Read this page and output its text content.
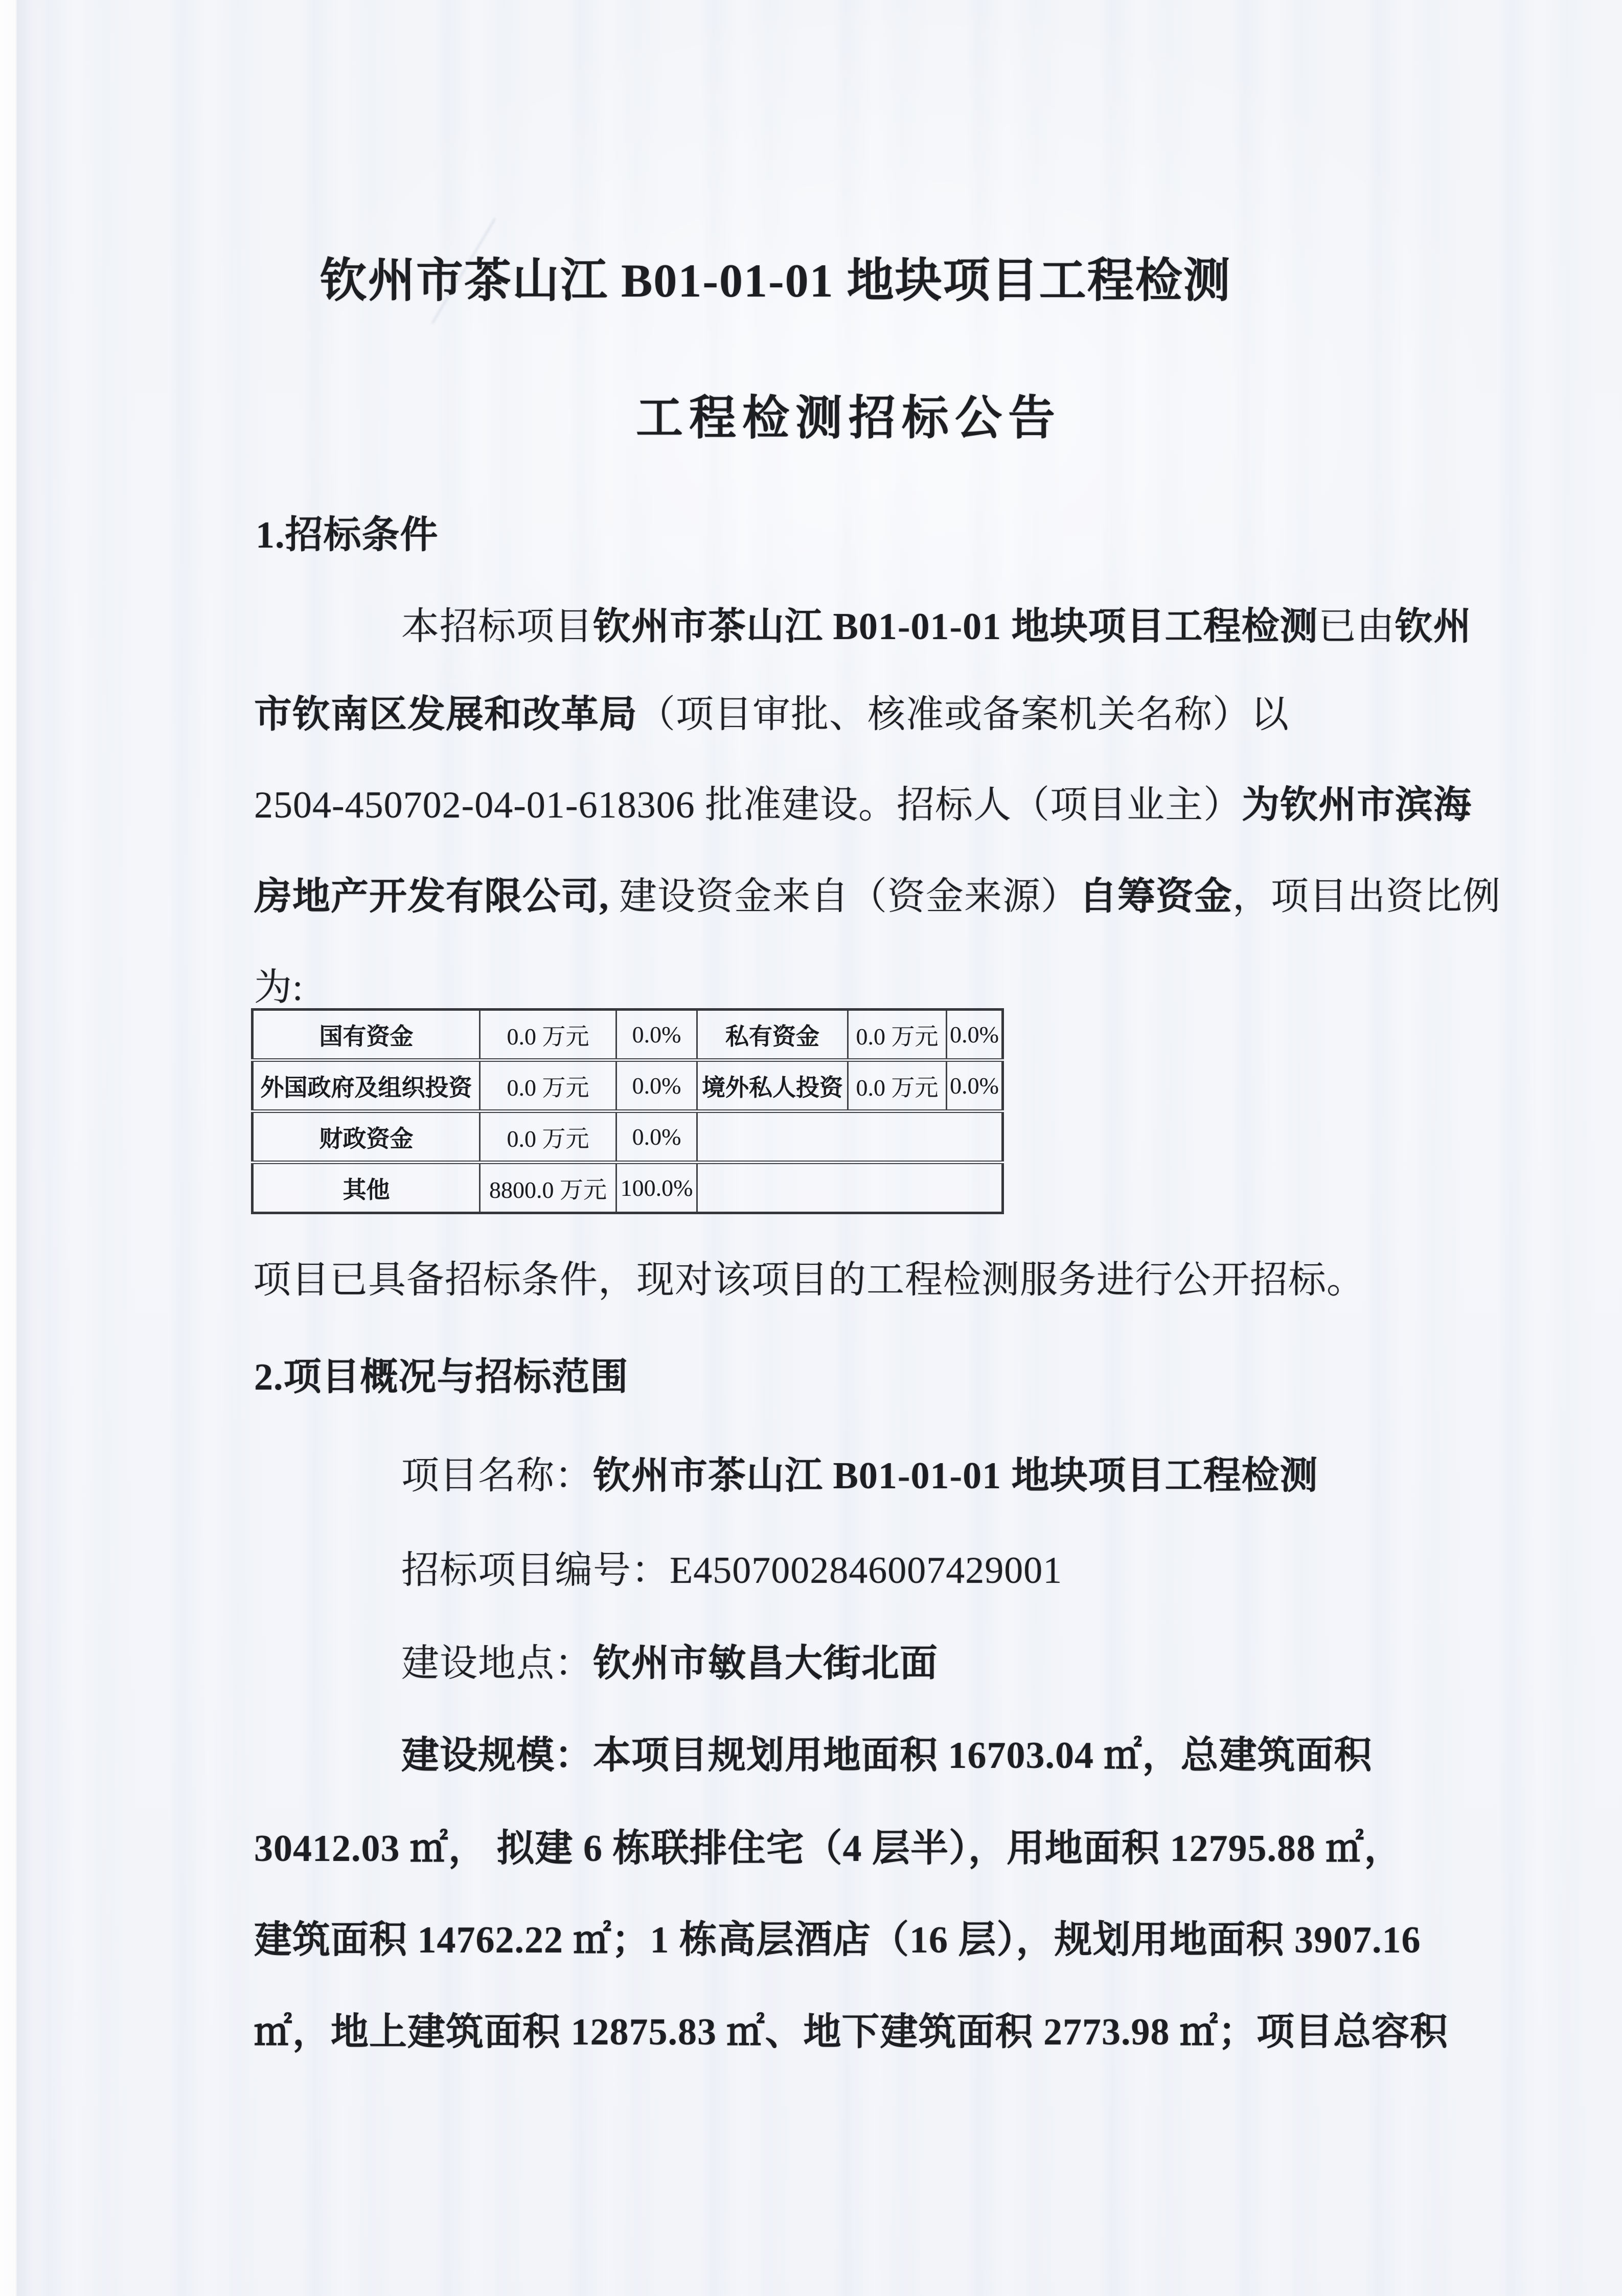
钦州市茶山江 B01-01-01 地块项目工程检测
工程检测招标公告
1.招标条件
本招标项目钦州市茶山江 B01-01-01 地块项目工程检测已由钦州
市钦南区发展和改革局（项目审批、核准或备案机关名称）以
2504-450702-04-01-618306 批准建设。招标人（项目业主）为钦州市滨海
房地产开发有限公司, 建设资金来自（资金来源）自筹资金，项目出资比例
为:
国有资金	0.0 万元	0.0%	私有资金	0.0 万元	0.0%
外国政府及组织投资	0.0 万元	0.0%	境外私人投资	0.0 万元	0.0%
财政资金	0.0 万元	0.0%			
其他	8800.0 万元	100.0%			
项目已具备招标条件，现对该项目的工程检测服务进行公开招标。
2.项目概况与招标范围
项目名称：钦州市茶山江 B01-01-01 地块项目工程检测
招标项目编号：E4507002846007429001
建设地点：钦州市敏昌大街北面
建设规模：本项目规划用地面积 16703.04 ㎡，总建筑面积
30412.03 ㎡， 拟建 6 栋联排住宅（4 层半），用地面积 12795.88 ㎡，
建筑面积 14762.22 ㎡；1 栋高层酒店（16 层），规划用地面积 3907.16
㎡，地上建筑面积 12875.83 ㎡、地下建筑面积 2773.98 ㎡；项目总容积
